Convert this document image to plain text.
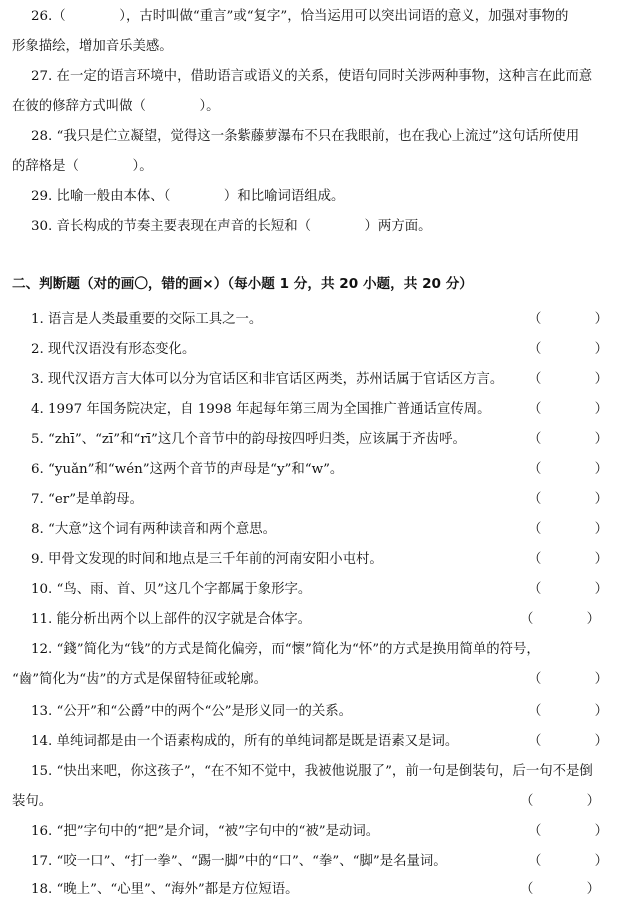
26.（　　　　），古时叫做“重言”或“复字”，恰当运用可以突出词语的意义，加强对事物的
形象描绘，增加音乐美感。
27. 在一定的语言环境中，借助语言或语义的关系，使语句同时关涉两种事物，这种言在此而意
在彼的修辞方式叫做（　　　　）。
28. “我只是伫立凝望，觉得这一条紫藤萝瀑布不只在我眼前，也在我心上流过”这句话所使用
的辞格是（　　　　）。
29. 比喻一般由本体、（　　　　）和比喻词语组成。
30. 音长构成的节奏主要表现在声音的长短和（　　　　）两方面。
二、判断题（对的画〇，错的画×）（每小题 1 分，共 20 小题，共 20 分）
1. 语言是人类最重要的交际工具之一。	（	）
2. 现代汉语没有形态变化。	（	）
3. 现代汉语方言大体可以分为官话区和非官话区两类，苏州话属于官话区方言。 （	）
4. 1997 年国务院决定，自 1998 年起每年第三周为全国推广普通话宣传周。	（	）
5. “zhī”、“zī”和“rī”这几个音节中的韵母按四呼归类，应该属于齐齿呼。	（	）
6. “yuǎn”和“wén”这两个音节的声母是“y”和“w”。	（	）
7. “er”是单韵母。	（	）
8. “大意”这个词有两种读音和两个意思。	（	）
9. 甲骨文发现的时间和地点是三千年前的河南安阳小屯村。	（	）
10. “鸟、雨、首、贝”这几个字都属于象形字。	（	）
11. 能分析出两个以上部件的汉字就是合体字。	（	）
12. “錢”简化为“钱”的方式是简化偏旁，而“懷”简化为“怀”的方式是换用简单的符号，
“齒”简化为“齿”的方式是保留特征或轮廓。	（	）
13. “公开”和“公爵”中的两个“公”是形义同一的关系。	（	）
14. 单纯词都是由一个语素构成的，所有的单纯词都是既是语素又是词。	（	）
15. “快出来吧，你这孩子”，“在不知不觉中，我被他说服了”，前一句是倒装句，后一句不是倒
装句。	（	）
16. “把”字句中的“把”是介词，“被”字句中的“被”是动词。	（	）
17. “咬一口”、“打一拳”、“踢一脚”中的“口”、“拳”、“脚”是名量词。	（	）
18. “晚上”、“心里”、“海外”都是方位短语。	（	）
